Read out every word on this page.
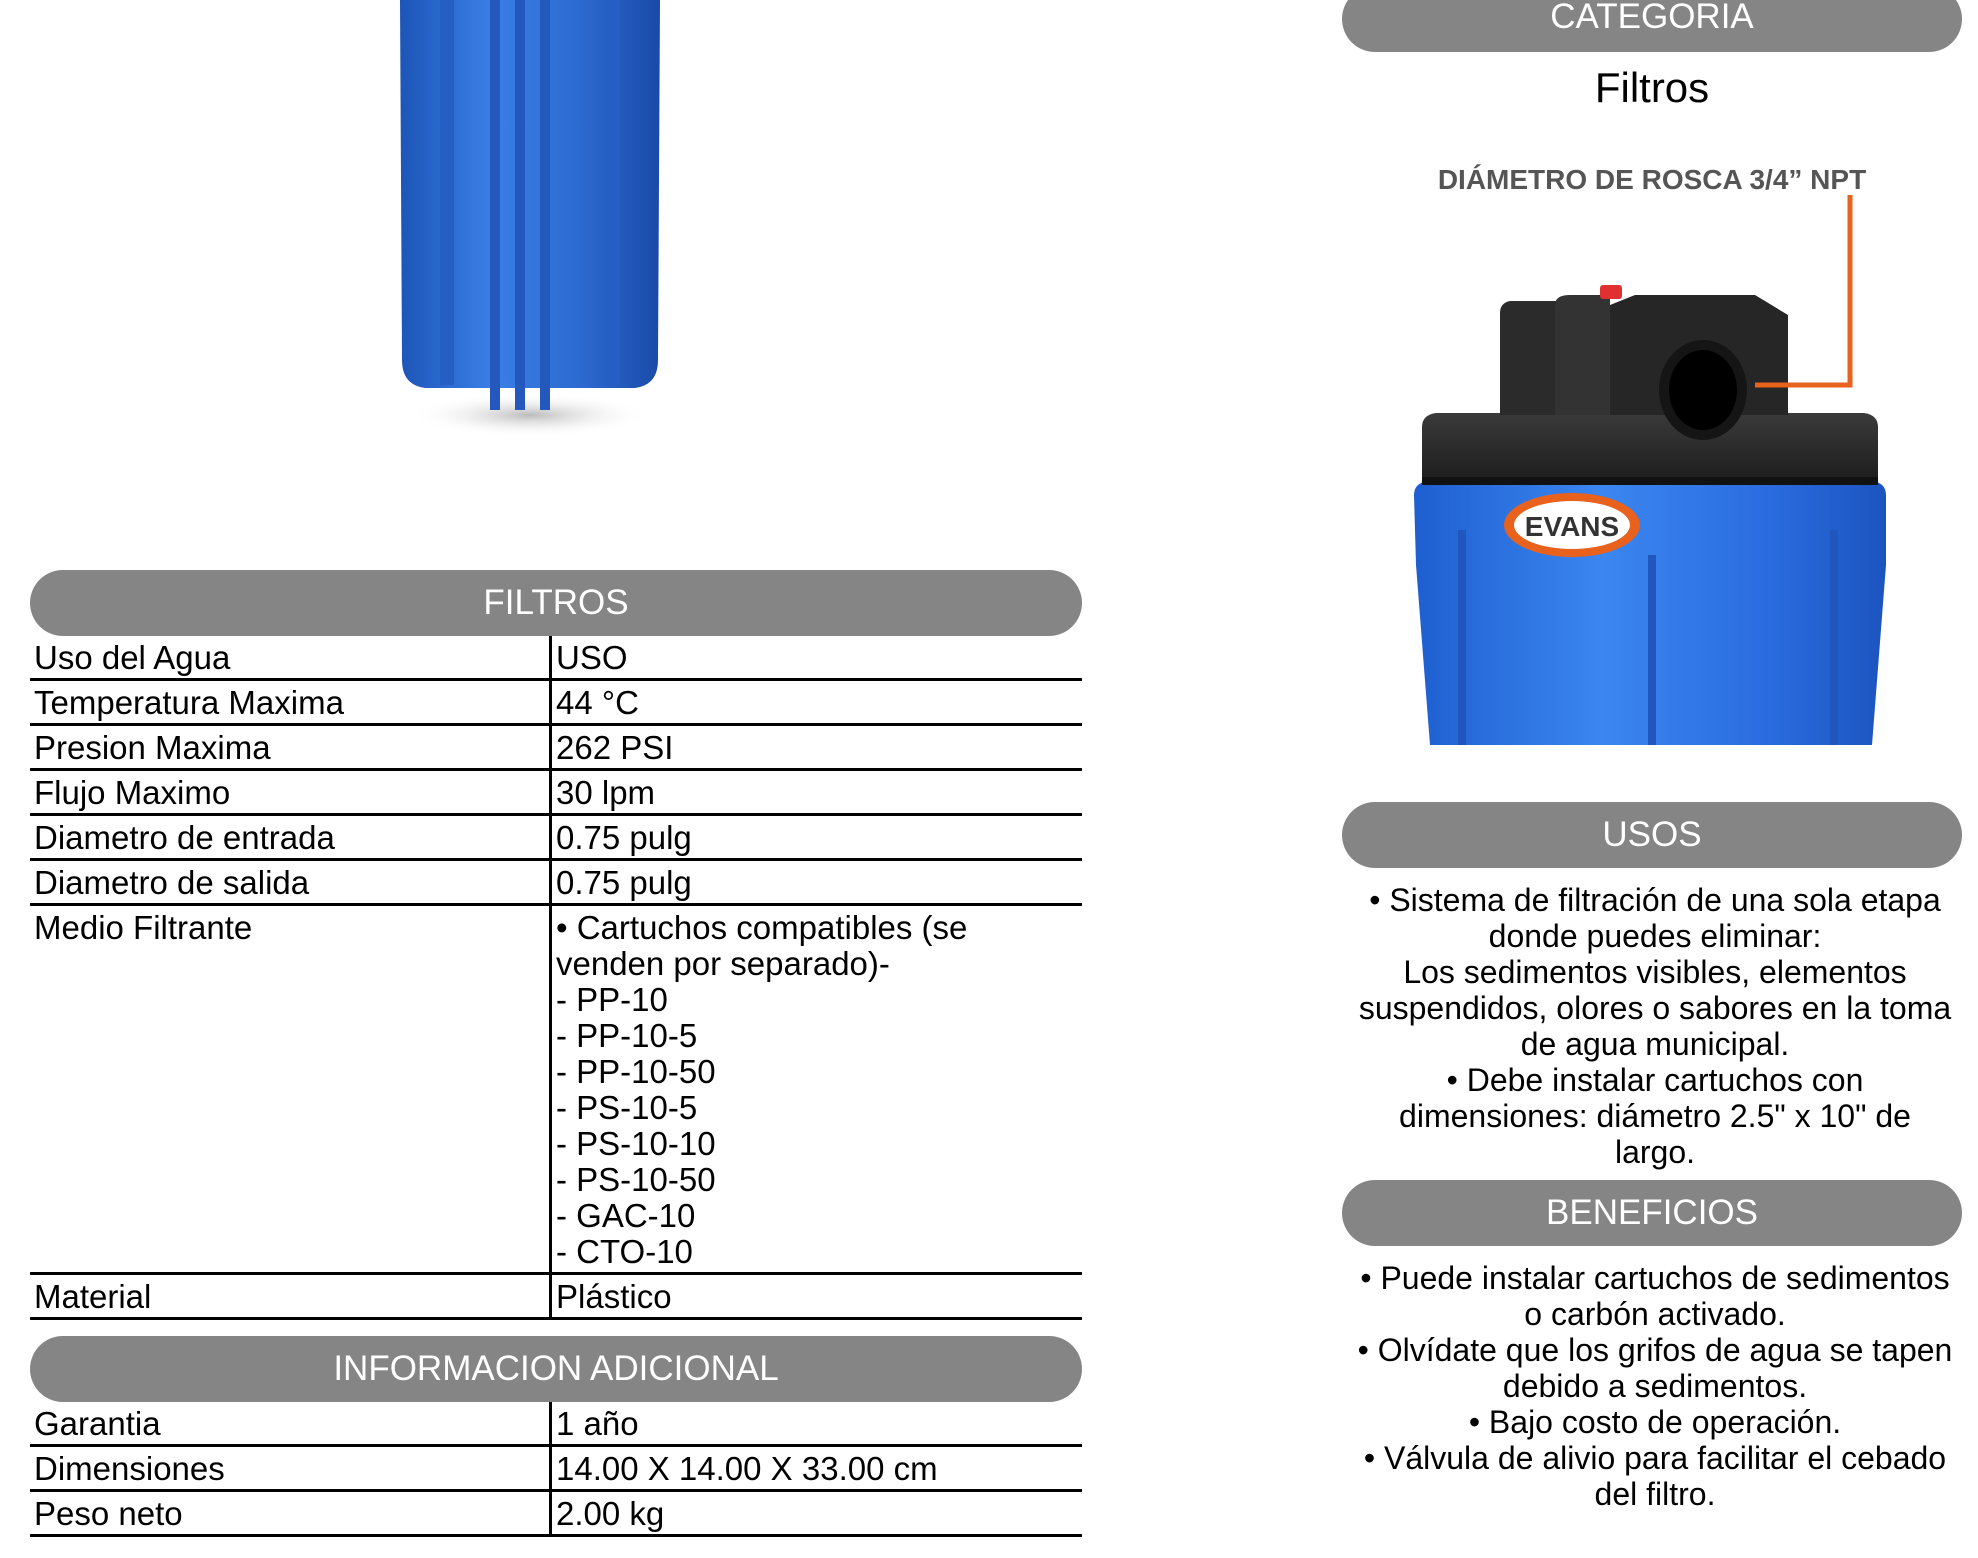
FILTROS
Uso del Agua	USO
Temperatura Maxima	44 °C
Presion Maxima	262 PSI
Flujo Maximo	30 lpm
Diametro de entrada	0.75 pulg
Diametro de salida	0.75 pulg
Medio Filtrante	• Cartuchos compatibles (se
venden por separado)-
- PP-10
- PP-10-5
- PP-10-50
- PS-10-5
- PS-10-10
- PS-10-50
- GAC-10
- CTO-10
Material	Plástico
INFORMACION ADICIONAL
Garantia	1 año
Dimensiones	14.00 X 14.00 X 33.00 cm
Peso neto	2.00 kg
CATEGORIA
Filtros
DIÁMETRO DE ROSCA 3/4” NPT
EVANS
USOS
• Sistema de filtración de una sola etapa
donde puedes eliminar:
Los sedimentos visibles, elementos
suspendidos, olores o sabores en la toma
de agua municipal.
• Debe instalar cartuchos con
dimensiones: diámetro 2.5" x 10" de
largo.
BENEFICIOS
• Puede instalar cartuchos de sedimentos
o carbón activado.
• Olvídate que los grifos de agua se tapen
debido a sedimentos.
• Bajo costo de operación.
• Válvula de alivio para facilitar el cebado
del filtro.
